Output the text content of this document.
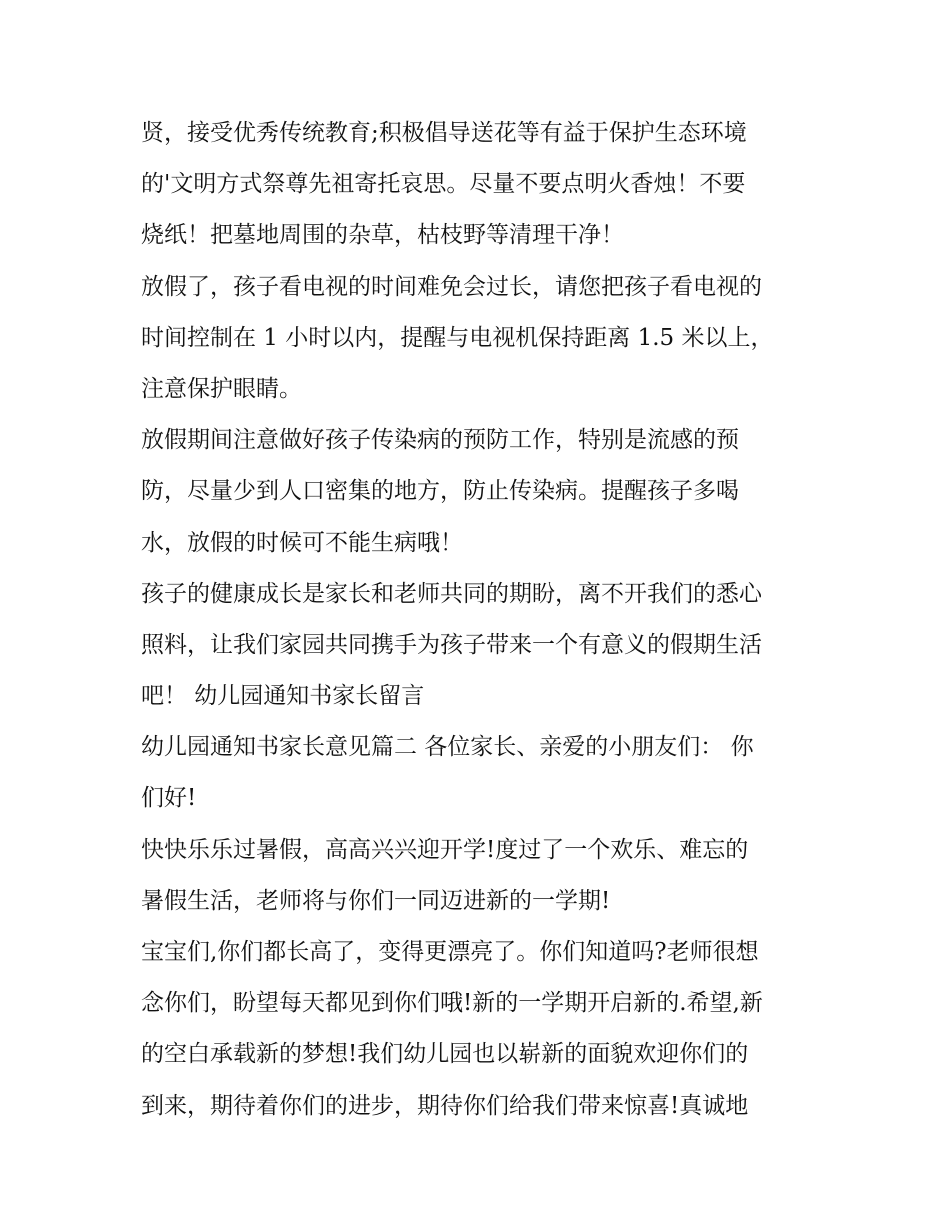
贤，接受优秀传统教育;积极倡导送花等有益于保护生态环境
的'文明方式祭尊先祖寄托哀思。尽量不要点明火香烛！不要
烧纸！把墓地周围的杂草，枯枝野等清理干净！
放假了，孩子看电视的时间难免会过长，请您把孩子看电视的
时间控制在 1 小时以内，提醒与电视机保持距离 1.5 米以上，
注意保护眼睛。
放假期间注意做好孩子传染病的预防工作，特别是流感的预
防，尽量少到人口密集的地方，防止传染病。提醒孩子多喝
水，放假的时候可不能生病哦！
孩子的健康成长是家长和老师共同的期盼，离不开我们的悉心
照料，让我们家园共同携手为孩子带来一个有意义的假期生活
吧！ 幼儿园通知书家长留言
幼儿园通知书家长意见篇二 各位家长、亲爱的小朋友们： 你
们好!
快快乐乐过暑假，高高兴兴迎开学!度过了一个欢乐、难忘的
暑假生活，老师将与你们一同迈进新的一学期!
宝宝们,你们都长高了，变得更漂亮了。你们知道吗?老师很想
念你们，盼望每天都见到你们哦!新的一学期开启新的.希望,新
的空白承载新的梦想!我们幼儿园也以崭新的面貌欢迎你们的
到来，期待着你们的进步，期待你们给我们带来惊喜!真诚地
